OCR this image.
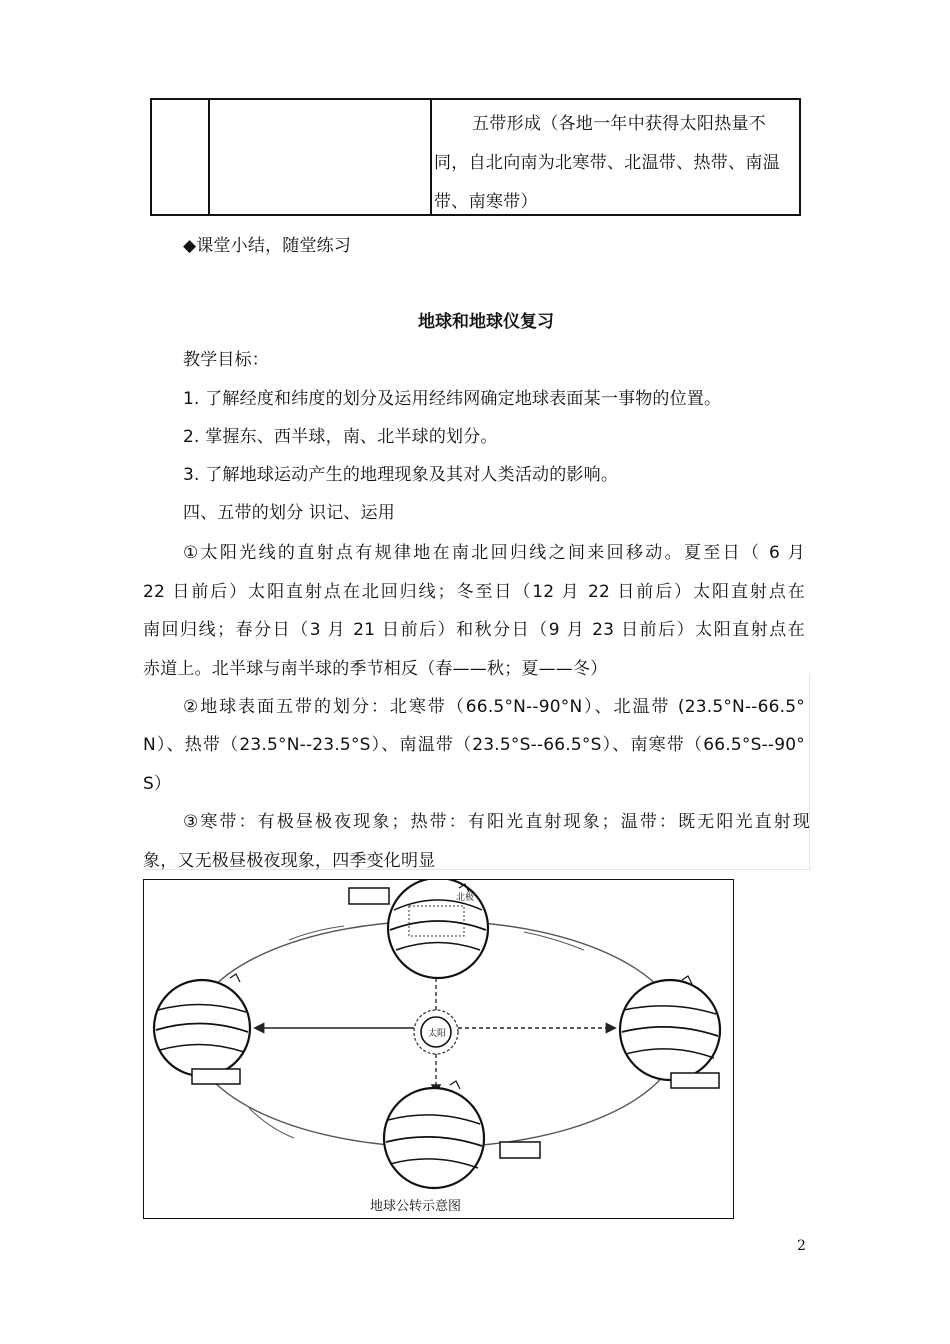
五带形成（各地一年中获得太阳热量不同，自北向南为北寒带、北温带、热带、南温带、南寒带）
◆课堂小结，随堂练习
地球和地球仪复习
教学目标：
1. 了解经度和纬度的划分及运用经纬网确定地球表面某一事物的位置。
2. 掌握东、西半球，南、北半球的划分。
3. 了解地球运动产生的地理现象及其对人类活动的影响。
四、五带的划分 识记、运用
①太阳光线的直射点有规律地在南北回归线之间来回移动。夏至日（ 6 月
22 日前后）太阳直射点在北回归线；冬至日（12 月 22 日前后）太阳直射点在
南回归线；春分日（3 月 21 日前后）和秋分日（9 月 23 日前后）太阳直射点在
赤道上。北半球与南半球的季节相反（春——秋；夏——冬）
②地球表面五带的划分：北寒带（66.5°N--90°N）、北温带 (23.5°N--66.5°
N）、热带（23.5°N--23.5°S）、南温带（23.5°S--66.5°S）、南寒带（66.5°S--90°
S）
③寒带：有极昼极夜现象；热带：有阳光直射现象；温带：既无阳光直射现
象，又无极昼极夜现象，四季变化明显
太阳
北极
地球公转示意图
2
